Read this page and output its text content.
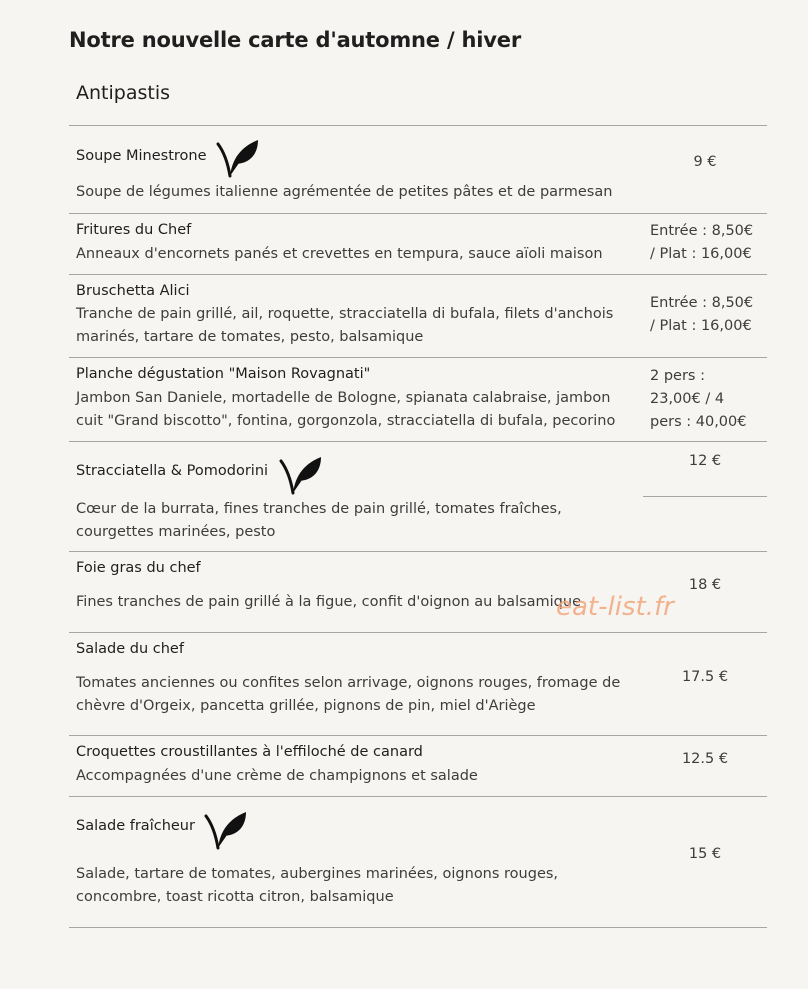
Notre nouvelle carte d'automne / hiver
Antipastis
Soupe Minestrone
Soupe de légumes italienne agrémentée de petites pâtes et de parmesan
9 €
Fritures du Chef
Anneaux d'encornets panés et crevettes en tempura, sauce aïoli maison
Entrée : 8,50€
/ Plat : 16,00€
Bruschetta Alici
Tranche de pain grillé, ail, roquette, stracciatella di bufala, filets d'anchois marinés, tartare de tomates, pesto, balsamique
Entrée : 8,50€
/ Plat : 16,00€
Planche dégustation "Maison Rovagnati"
Jambon San Daniele, mortadelle de Bologne, spianata calabraise, jambon cuit "Grand biscotto", fontina, gorgonzola, stracciatella di bufala, pecorino
2 pers :
23,00€ / 4
pers : 40,00€
Stracciatella & Pomodorini
Cœur de la burrata, fines tranches de pain grillé, tomates fraîches, courgettes marinées, pesto
12 €
Foie gras du chef
Fines tranches de pain grillé à la figue, confit d'oignon au balsamique
18 €
eat-list.fr
Salade du chef
Tomates anciennes ou confites selon arrivage, oignons rouges, fromage de chèvre d'Orgeix, pancetta grillée, pignons de pin, miel d'Ariège
17.5 €
Croquettes croustillantes à l'effiloché de canard
Accompagnées d'une crème de champignons et salade
12.5 €
Salade fraîcheur
Salade, tartare de tomates, aubergines marinées, oignons rouges, concombre, toast ricotta citron, balsamique
15 €
